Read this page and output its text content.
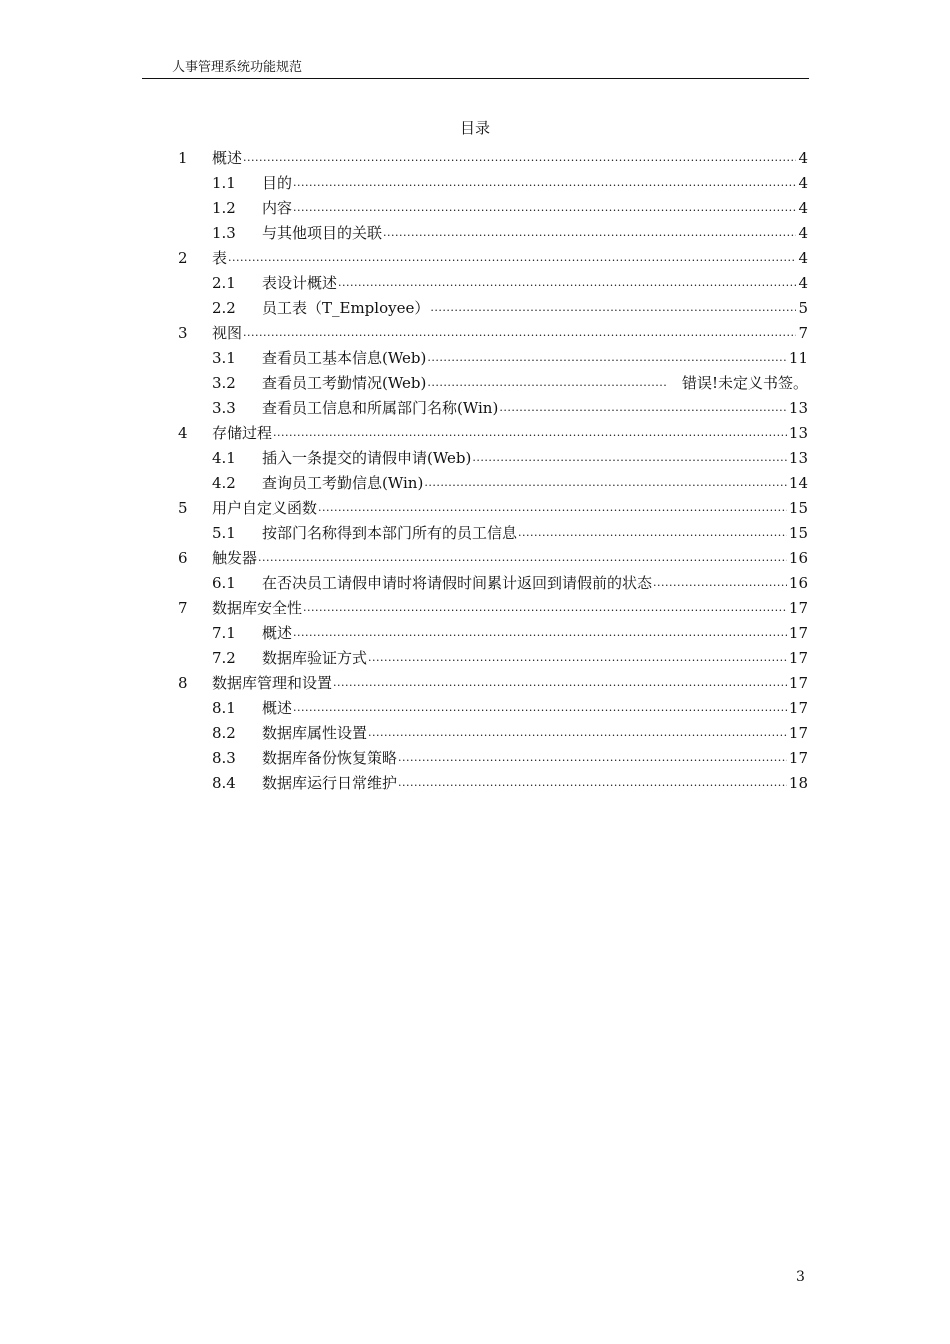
人事管理系统功能规范
目录
1	概述 .....	4
1.1	目的 .....	4
1.2	内容 .....	4
1.3	与其他项目的关联 .....	4
2	表 .....	4
2.1	表设计概述 .....	4
2.2	员工表（T_Employee） .....	5
3	视图 .....	7
3.1	查看员工基本信息(Web) .....	11
3.2	查看员工考勤情况(Web) .....	错误!未定义书签。
3.3	查看员工信息和所属部门名称(Win) .....	13
4	存储过程 .....	13
4.1	插入一条提交的请假申请(Web) .....	13
4.2	查询员工考勤信息(Win) .....	14
5	用户自定义函数 .....	15
5.1	按部门名称得到本部门所有的员工信息 .....	15
6	触发器 .....	16
6.1	在否决员工请假申请时将请假时间累计返回到请假前的状态 .....	16
7	数据库安全性 .....	17
7.1	概述 .....	17
7.2	数据库验证方式 .....	17
8	数据库管理和设置 .....	17
8.1	概述 .....	17
8.2	数据库属性设置 .....	17
8.3	数据库备份恢复策略 .....	17
8.4	数据库运行日常维护 .....	18
3
